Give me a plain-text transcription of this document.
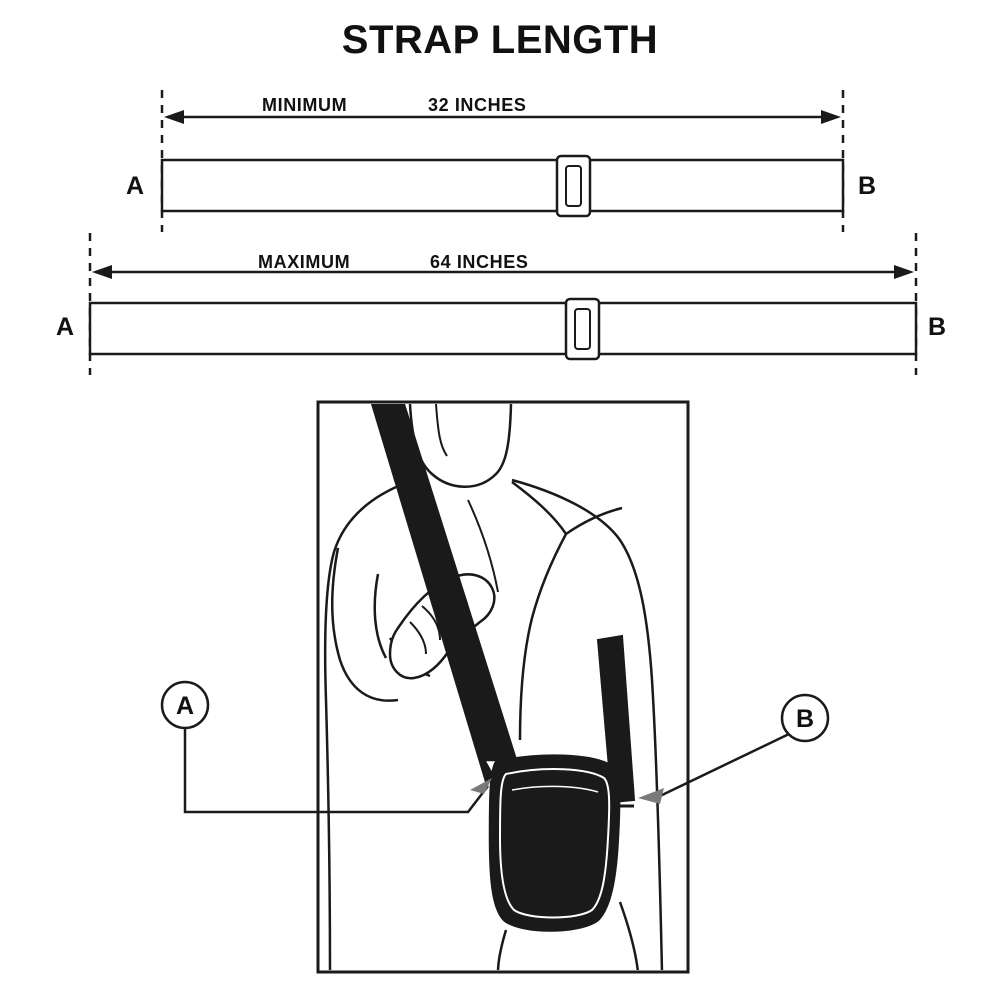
STRAP LENGTH
MINIMUM	32 INCHES
A	B
A	B
MAXIMUM	64 INCHES
A	B
